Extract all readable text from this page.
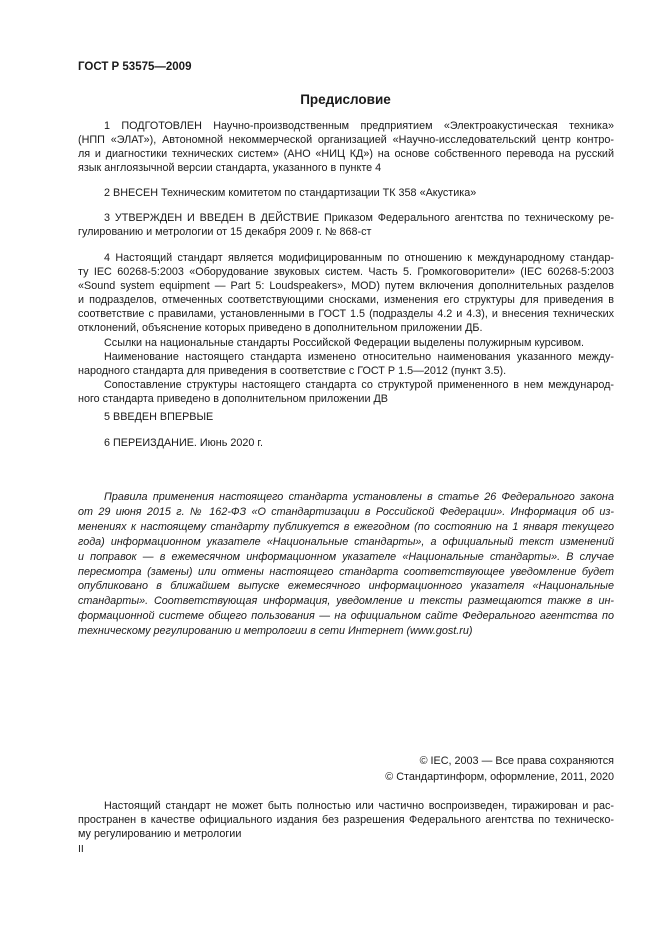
ГОСТ Р 53575—2009
Предисловие
1 ПОДГОТОВЛЕН Научно-производственным предприятием «Электроакустическая техника»
(НПП «ЭЛАТ»), Автономной некоммерческой организацией «Научно-исследовательский центр контро-
ля и диагностики технических систем» (АНО «НИЦ КД») на основе собственного перевода на русский
язык англоязычной версии стандарта, указанного в пункте 4
2 ВНЕСЕН Техническим комитетом по стандартизации ТК 358 «Акустика»
3 УТВЕРЖДЕН И ВВЕДЕН В ДЕЙСТВИЕ Приказом Федерального агентства по техническому ре-
гулированию и метрологии от 15 декабря 2009 г. № 868-ст
4 Настоящий стандарт является модифицированным по отношению к международному стандар-
ту IEC 60268-5:2003 «Оборудование звуковых систем. Часть 5. Громкоговорители» (IEC 60268-5:2003
«Sound system equipment — Part 5: Loudspeakers», MOD) путем включения дополнительных разделов
и подразделов, отмеченных соответствующими сносками, изменения его структуры для приведения в
соответствие с правилами, установленными в ГОСТ 1.5 (подразделы 4.2 и 4.3), и внесения технических
отклонений, объяснение которых приведено в дополнительном приложении ДБ.
Ссылки на национальные стандарты Российской Федерации выделены полужирным курсивом.
Наименование настоящего стандарта изменено относительно наименования указанного между-
народного стандарта для приведения в соответствие с ГОСТ Р 1.5—2012 (пункт 3.5).
Сопоставление структуры настоящего стандарта со структурой примененного в нем международ-
ного стандарта приведено в дополнительном приложении ДВ
5 ВВЕДЕН ВПЕРВЫЕ
6 ПЕРЕИЗДАНИЕ. Июнь 2020 г.
Правила применения настоящего стандарта установлены в статье 26 Федерального закона
от 29 июня 2015 г. № 162-ФЗ «О стандартизации в Российской Федерации». Информация об из-
менениях к настоящему стандарту публикуется в ежегодном (по состоянию на 1 января текущего
года) информационном указателе «Национальные стандарты», а официальный текст изменений
и поправок — в ежемесячном информационном указателе «Национальные стандарты». В случае
пересмотра (замены) или отмены настоящего стандарта соответствующее уведомление будет
опубликовано в ближайшем выпуске ежемесячного информационного указателя «Национальные
стандарты». Соответствующая информация, уведомление и тексты размещаются также в ин-
формационной системе общего пользования — на официальном сайте Федерального агентства по
техническому регулированию и метрологии в сети Интернет (www.gost.ru)
© IEC, 2003 — Все права сохраняются
© Стандартинформ, оформление, 2011, 2020
Настоящий стандарт не может быть полностью или частично воспроизведен, тиражирован и рас-
пространен в качестве официального издания без разрешения Федерального агентства по техническо-
му регулированию и метрологии
II
